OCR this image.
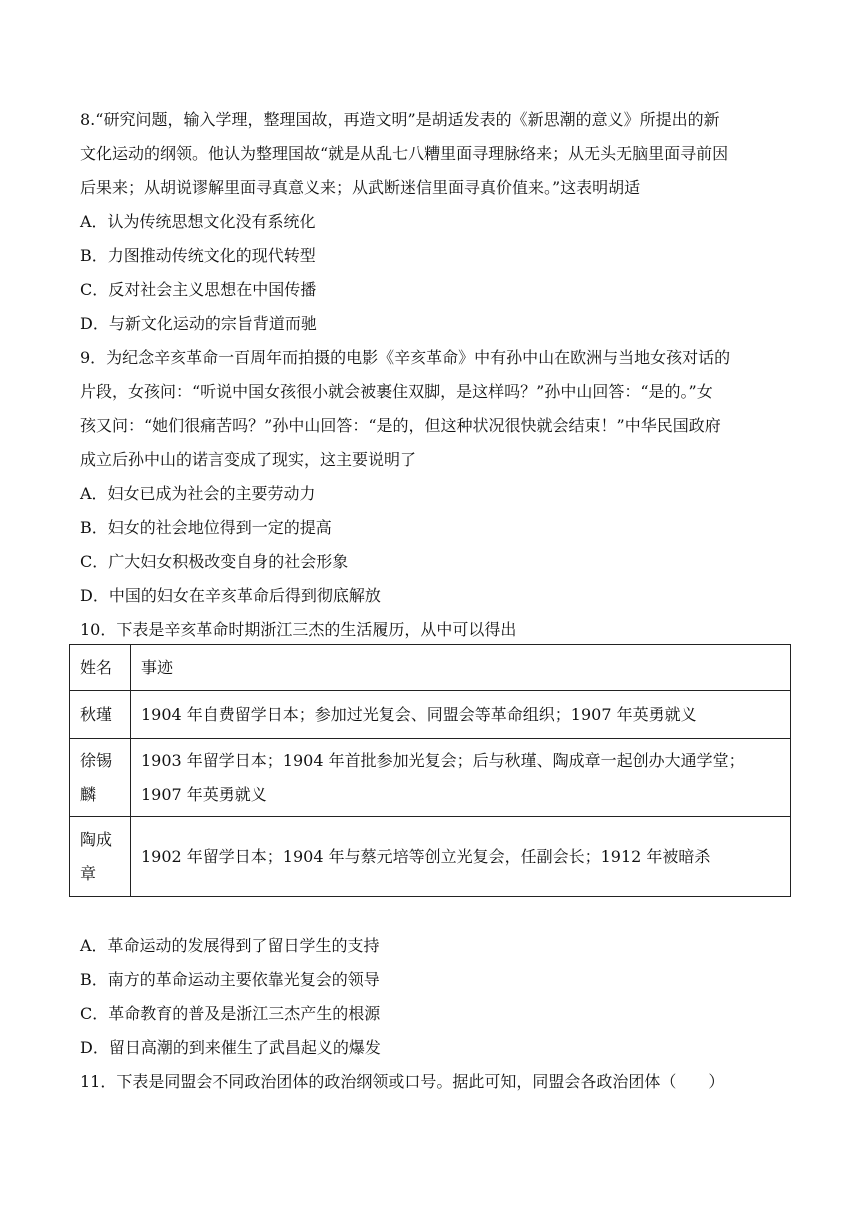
8.“研究问题，输入学理，整理国故，再造文明”是胡适发表的《新思潮的意义》所提出的新
文化运动的纲领。他认为整理国故“就是从乱七八糟里面寻理脉络来；从无头无脑里面寻前因
后果来；从胡说谬解里面寻真意义来；从武断迷信里面寻真价值来。”这表明胡适
A．认为传统思想文化没有系统化
B．力图推动传统文化的现代转型
C．反对社会主义思想在中国传播
D．与新文化运动的宗旨背道而驰
9．为纪念辛亥革命一百周年而拍摄的电影《辛亥革命》中有孙中山在欧洲与当地女孩对话的
片段，女孩问：“听说中国女孩很小就会被裹住双脚，是这样吗？”孙中山回答：“是的。”女
孩又问：“她们很痛苦吗？”孙中山回答：“是的，但这种状况很快就会结束！”中华民国政府
成立后孙中山的诺言变成了现实，这主要说明了
A．妇女已成为社会的主要劳动力
B．妇女的社会地位得到一定的提高
C．广大妇女积极改变自身的社会形象
D．中国的妇女在辛亥革命后得到彻底解放
10．下表是辛亥革命时期浙江三杰的生活履历，从中可以得出
姓名	事迹
秋瑾	1904 年自费留学日本；参加过光复会、同盟会等革命组织；1907 年英勇就义
徐锡麟	1903 年留学日本；1904 年首批参加光复会；后与秋瑾、陶成章一起创办大通学堂；1907 年英勇就义
陶成章	1902 年留学日本；1904 年与蔡元培等创立光复会，任副会长；1912 年被暗杀
A．革命运动的发展得到了留日学生的支持
B．南方的革命运动主要依靠光复会的领导
C．革命教育的普及是浙江三杰产生的根源
D．留日高潮的到来催生了武昌起义的爆发
11．下表是同盟会不同政治团体的政治纲领或口号。据此可知，同盟会各政治团体（　　）
